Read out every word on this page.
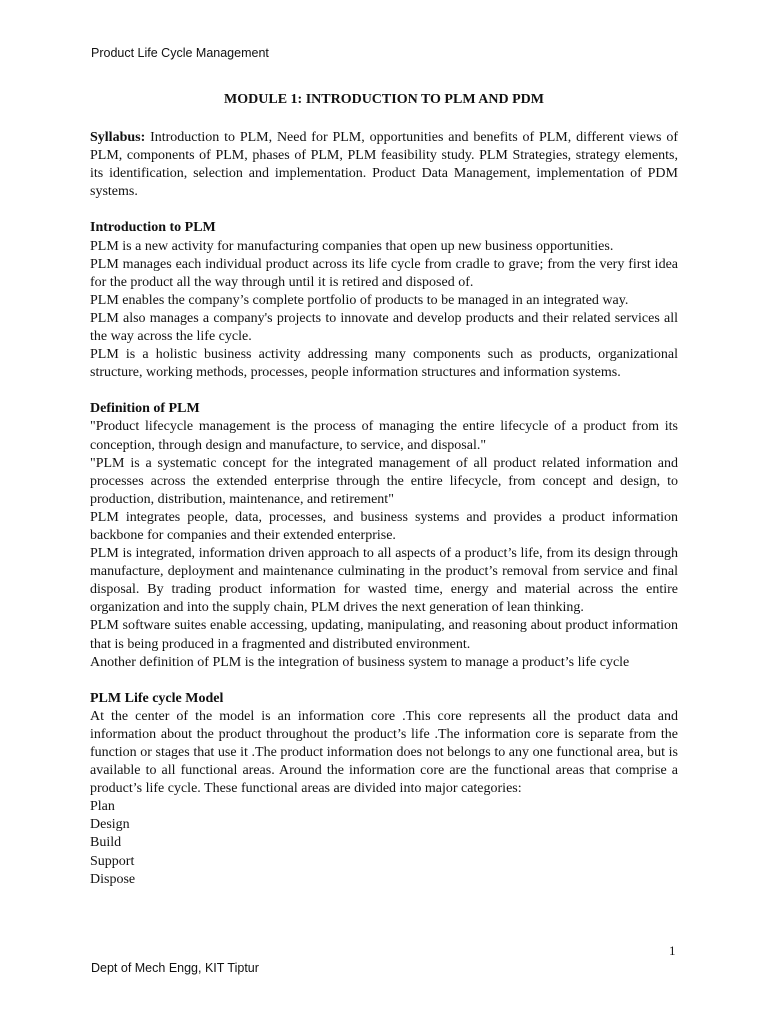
Product Life Cycle Management

MODULE 1: INTRODUCTION TO PLM AND PDM

Syllabus: Introduction to PLM, Need for PLM, opportunities and benefits of PLM, different views of PLM, components of PLM, phases of PLM, PLM feasibility study. PLM Strategies, strategy elements, its identification, selection and implementation. Product Data Management, implementation of PDM systems.

Introduction to PLM

PLM is a new activity for manufacturing companies that open up new business opportunities.

PLM manages each individual product across its life cycle from cradle to grave; from the very first idea for the product all the way through until it is retired and disposed of.

PLM enables the company’s complete portfolio of products to be managed in an integrated way.

PLM also manages a company's projects to innovate and develop products and their related services all the way across the life cycle.

PLM is a holistic business activity addressing many components such as products, organizational structure, working methods, processes, people information structures and information systems.

Definition of PLM

"Product lifecycle management is the process of managing the entire lifecycle of a product from its conception, through design and manufacture, to service, and disposal."

"PLM is a systematic concept for the integrated management of all product related information and processes across the extended enterprise through the entire lifecycle, from concept and design, to production, distribution, maintenance, and retirement"

PLM integrates people, data, processes, and business systems and provides a product information backbone for companies and their extended enterprise.

PLM is integrated, information driven approach to all aspects of a product’s life, from its design through manufacture, deployment and maintenance culminating in the product’s removal from service and final disposal. By trading product information for wasted time, energy and material across the entire organization and into the supply chain, PLM drives the next generation of lean thinking.

PLM software suites enable accessing, updating, manipulating, and reasoning about product information that is being produced in a fragmented and distributed environment.

Another definition of PLM is the integration of business system to manage a product’s life cycle

PLM Life cycle Model

At the center of the model is an information core .This core represents all the product data and information about the product throughout the product’s life .The information core is separate from the function or stages that use it .The product information does not belongs to any one functional area, but is available to all functional areas. Around the information core are the functional areas that comprise a product’s life cycle. These functional areas are divided into major categories:

Plan

Design

Build

Support

Dispose

1
Dept of Mech Engg, KIT Tiptur
